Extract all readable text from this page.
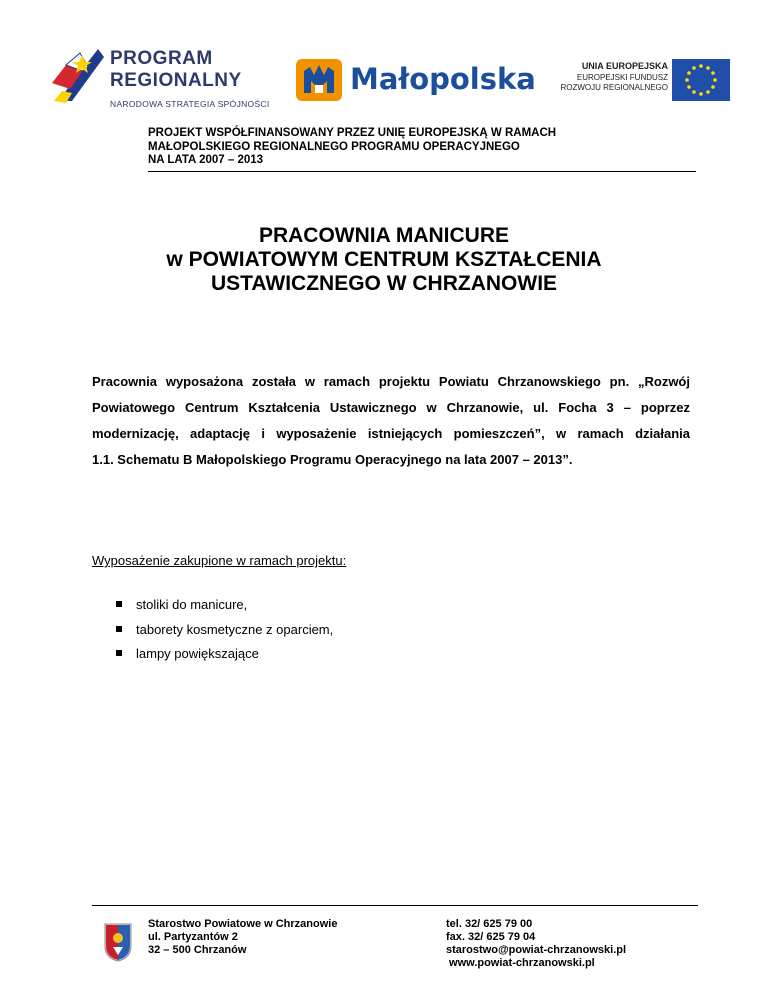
PROGRAM
REGIONALNY
NARODOWA STRATEGIA SPÓJNOŚCI
Małopolska	UNIA EUROPEJSKA
EUROPEJSKI FUNDUSZ
ROZWOJU REGIONALNEGO
PROJEKT WSPÓŁFINANSOWANY PRZEZ UNIĘ EUROPEJSKĄ W RAMACH
MAŁOPOLSKIEGO REGIONALNEGO PROGRAMU OPERACYJNEGO
NA LATA 2007 – 2013
PRACOWNIA MANICURE
w POWIATOWYM CENTRUM KSZTAŁCENIA
USTAWICZNEGO W CHRZANOWIE
Pracownia wyposażona została w ramach projektu Powiatu Chrzanowskiego pn. „Rozwój
Powiatowego Centrum Kształcenia Ustawicznego w Chrzanowie, ul. Focha 3 – poprzez
modernizację, adaptację i wyposażenie istniejących pomieszczeń”, w ramach działania
1.1. Schematu B Małopolskiego Programu Operacyjnego na lata 2007 – 2013”.
Wyposażenie zakupione w ramach projektu:
stoliki do manicure,
taborety kosmetyczne z oparciem,
lampy powiększające
Starostwo Powiatowe w Chrzanowie
ul. Partyzantów 2
32 – 500 Chrzanów
tel. 32/ 625 79 00
fax. 32/ 625 79 04
starostwo@powiat-chrzanowski.pl
www.powiat-chrzanowski.pl
